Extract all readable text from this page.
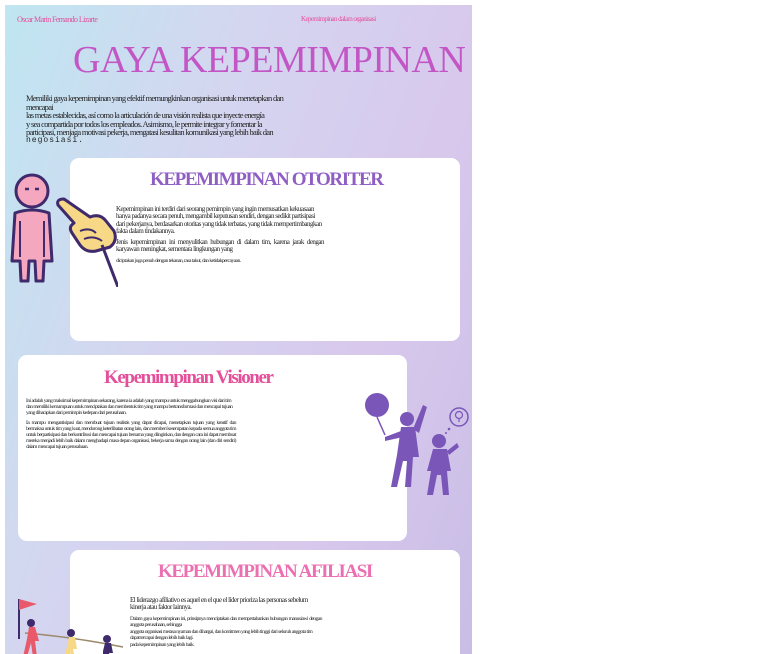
Oscar Marin Fernando Lizarte	Kepemimpinan dalam organisasi
GAYA KEPEMIMPINAN
Memiliki gaya kepemimpinan yang efektif memungkinkan organisasi untuk menetapkan dan mencapai
las metas establecidas, así como la articulación de una visión realista que inyecte energía
y sea compartida por todos los empleados. Asimismo, le permite integrar y fomentar la
participasi, menjaga motivasi pekerja, mengatasi kesulitan komunikasi yang lebih baik dan
negosiasi.
KEPEMIMPINAN OTORITER

Kepemimpinan ini terdiri dari seorang pemimpin yang ingin memusatkan kekuasaan hanya padanya secara penuh, mengambil keputusan sendiri, dengan sedikit partisipasi dari pekerjanya, berdasarkan otoritas yang tidak terbatas, yang tidak mempertimbangkan fakta dalam tindakannya.

Jenis kepemimpinan ini menyulitkan hubungan di dalam tim, karena jarak dengan karyawan meningkat, sementara lingkungan yang

diciptakan juga penuh dengan tekanan, rasa takut, dan ketidakpercayaan.

Kepemimpinan Visioner

Ini adalah yang maksimal kepemimpinan sekarang, karena ia adalah yang mampu untuk menggabungkan visi dari tim dan memiliki kemampuan untuk menciptakan dan membentuk tim yang mampu bertransformasi dan mencapai tujuan yang diharapkan dari pemimpin kedepan dari perusahaan.

Ia mampu mengantisipasi dan membuat tujuan realistis yang dapat dicapai, menetapkan tujuan yang kreatif dan bermakna untuk tim yang kuat, mendorong keterlibatan orang lain, dan memberi kesempatan kepada semua anggota tim untuk berpartisipasi dan berkontribusi dan mencapai tujuan bersama yang diinginkan, dan dengan cara ini dapat membuat mereka menjadi lebih baik dalam menghadapi masa depan organisasi, bekerja sama dengan orang lain (dan diri sendiri) dalam mencapai tujuan perusahaan.

KEPEMIMPINAN AFILIASI

El liderazgo afiliativo es aquel en el que el líder prioriza las personas sebelum kinerja atau faktor lainnya.

Dalam gaya kepemimpinan ini, prinsipnya menciptakan dan mempertahankan hubungan manusiawi dengan anggota perusahaan, sehingga

anggota organisasi merasa nyaman dan dihargai, dan komitmen yang lebih tinggi dari seluruh anggota tim dapat tercapai dengan lebih baik lagi.

pada kepemimpinan yang lebih baik.
